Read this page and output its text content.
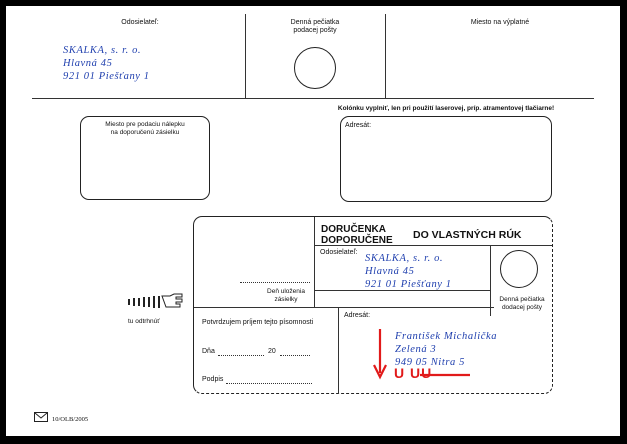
Odosielateľ:	Denná pečiatka
podacej pošty
Miesto na výplatné
SKALKA, s. r. o.
Hlavná 45
921 01 Piešťany 1
Miesto pre podaciu nálepku
na doporučenú zásielku
Kolónku vyplniť, len pri použití laserovej, príp. atramentovej tlačiarne!
Adresát:
Deň uloženia
zásielky
DORUČENKA
DOPORUČENE DO VLASTNÝCH RÚK
Odosielateľ:
SKALKA, s. r. o.
Hlavná 45
921 01 Piešťany 1
Denná pečiatka
dodacej pošty
Potvrdzujem príjem tejto písomnosti
Dňa	20
Podpis
Adresát:
František Michalička
Zelená 3
949 05 Nitra 5
U UU
tu odtrhnúť
10/OLB/2005
